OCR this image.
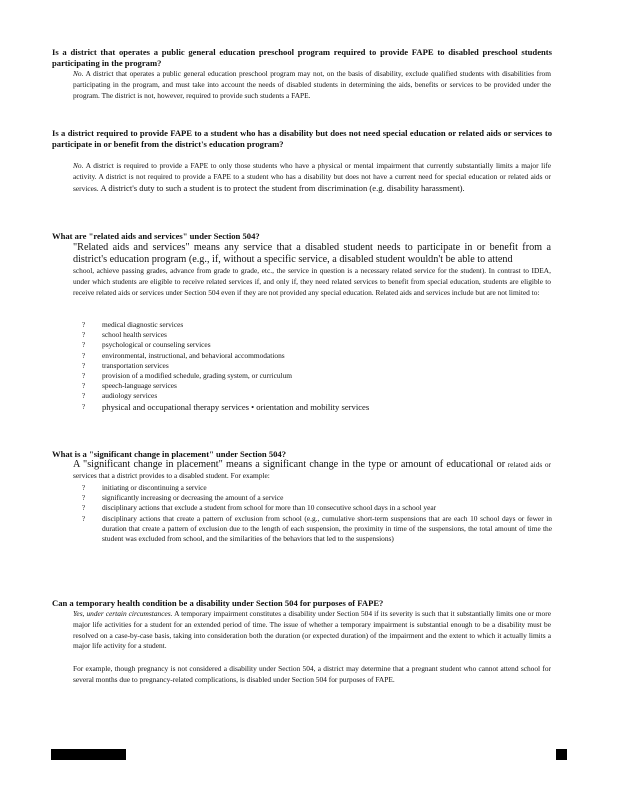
Is a district that operates a public general education preschool program required to provide FAPE to disabled preschool students participating in the program?

No. A district that operates a public general education preschool program may not, on the basis of disability, exclude qualified students with disabilities from participating in the program, and must take into account the needs of disabled students in determining the aids, benefits or services to be provided under the program. The district is not, however, required to provide such students a FAPE.

Is a district required to provide FAPE to a student who has a disability but does not need special education or related aids or services to participate in or benefit from the district's education program?

No. A district is required to provide a FAPE to only those students who have a physical or mental impairment that currently substantially limits a major life activity. A district is not required to provide a FAPE to a student who has a disability but does not have a current need for special education or related aids or services. A district's duty to such a student is to protect the student from discrimination (e.g. disability harassment).

What are "related aids and services" under Section 504?

"Related aids and services" means any service that a disabled student needs to participate in or benefit from a district's education program (e.g., if, without a specific service, a disabled student wouldn't be able to attend

school, achieve passing grades, advance from grade to grade, etc., the service in question is a necessary related service for the student). In contrast to IDEA, under which students are eligible to receive related services if, and only if, they need related services to benefit from special education, students are eligible to receive related aids or services under Section 504 even if they are not provided any special education. Related aids and services include but are not limited to:

?	medical diagnostic services
?	school health services
?	psychological or counseling services
?	environmental, instructional, and behavioral accommodations
?	transportation services
?	provision of a modified schedule, grading system, or curriculum
?	speech-language services
?	audiology services
?	physical and occupational therapy services • orientation and mobility services

What is a "significant change in placement" under Section 504?

A "significant change in placement" means a significant change in the type or amount of educational or related aids or services that a district provides to a disabled student. For example:

?	initiating or discontinuing a service
?	significantly increasing or decreasing the amount of a service
?	disciplinary actions that exclude a student from school for more than 10 consecutive school days in a school year
?	disciplinary actions that create a pattern of exclusion from school (e.g., cumulative short-term suspensions that are each 10 school days or fewer in duration that create a pattern of exclusion due to the length of each suspension, the proximity in time of the suspensions, the total amount of time the student was excluded from school, and the similarities of the behaviors that led to the suspensions)

Can a temporary health condition be a disability under Section 504 for purposes of FAPE?

Yes, under certain circumstances. A temporary impairment constitutes a disability under Section 504 if its severity is such that it substantially limits one or more major life activities for a student for an extended period of time. The issue of whether a temporary impairment is substantial enough to be a disability must be resolved on a case-by-case basis, taking into consideration both the duration (or expected duration) of the impairment and the extent to which it actually limits a major life activity for a student.

For example, though pregnancy is not considered a disability under Section 504, a district may determine that a pregnant student who cannot attend school for several months due to pregnancy-related complications, is disabled under Section 504 for purposes of FAPE.
